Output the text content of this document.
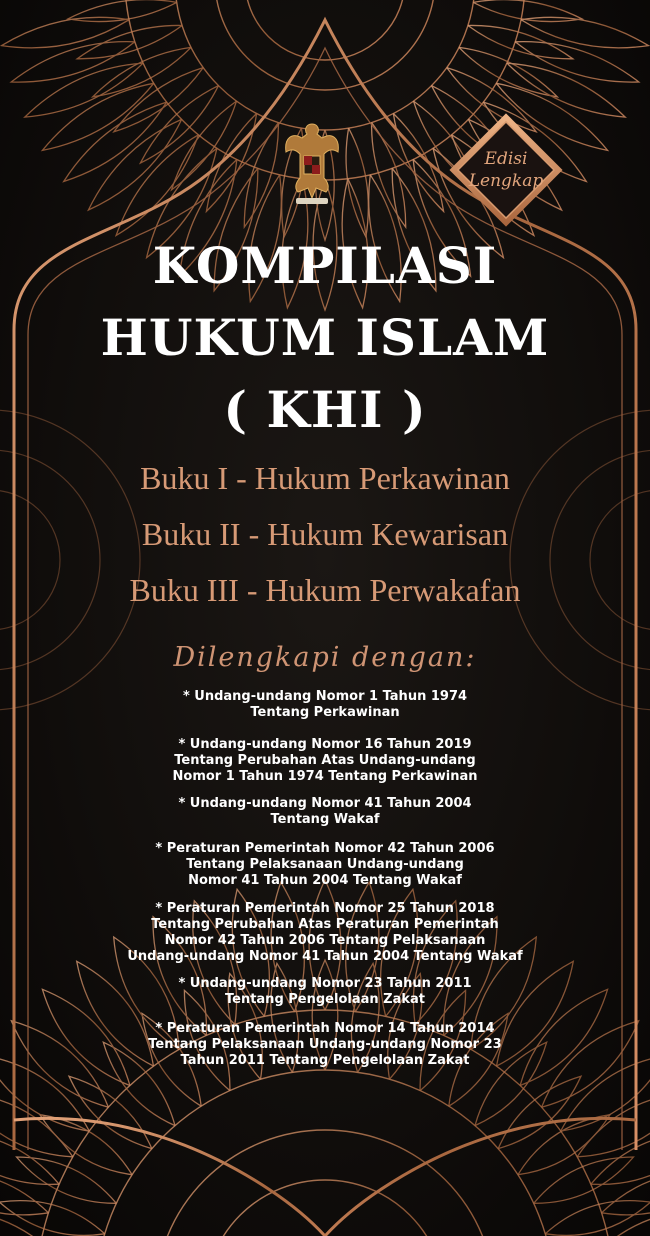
Edisi
Lengkap
KOMPILASI
HUKUM ISLAM
( KHI )
Buku I - Hukum Perkawinan
Buku II - Hukum Kewarisan
Buku III - Hukum Perwakafan
Dilengkapi dengan:
* Undang-undang Nomor 1 Tahun 1974
Tentang Perkawinan
* Undang-undang Nomor 16 Tahun 2019
Tentang Perubahan Atas Undang-undang
Nomor 1 Tahun 1974 Tentang Perkawinan
* Undang-undang Nomor 41 Tahun 2004
Tentang Wakaf
* Peraturan Pemerintah Nomor 42 Tahun 2006
Tentang Pelaksanaan Undang-undang
Nomor 41 Tahun 2004 Tentang Wakaf
* Peraturan Pemerintah Nomor 25 Tahun 2018
Tentang Perubahan Atas Peraturan Pemerintah
Nomor 42 Tahun 2006 Tentang Pelaksanaan
Undang-undang Nomor 41 Tahun 2004 Tentang Wakaf
* Undang-undang Nomor 23 Tahun 2011
Tentang Pengelolaan Zakat
* Peraturan Pemerintah Nomor 14 Tahun 2014
Tentang Pelaksanaan Undang-undang Nomor 23
Tahun 2011 Tentang Pengelolaan Zakat
